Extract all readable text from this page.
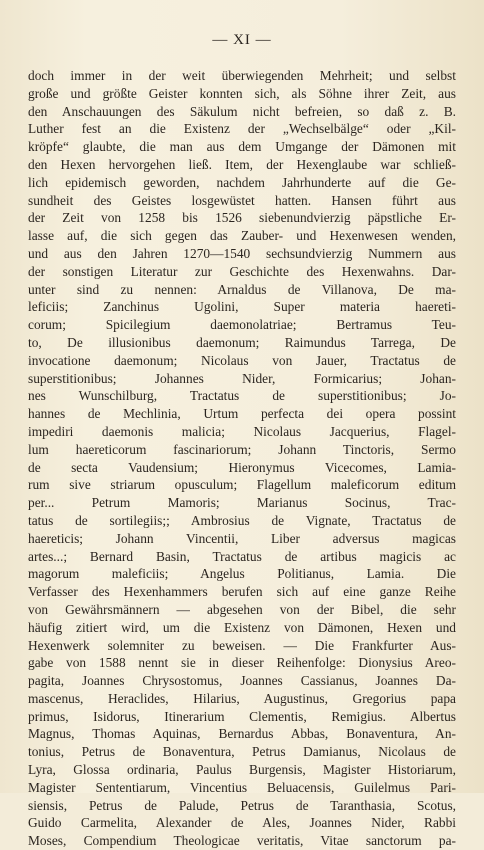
— XI —
doch immer in der weit überwiegenden Mehrheit; und selbst
große und größte Geister konnten sich, als Söhne ihrer Zeit, aus
den Anschauungen des Säkulum nicht befreien, so daß z. B.
Luther fest an die Existenz der „Wechselbälge“ oder „Kil-
kröpfe“ glaubte, die man aus dem Umgange der Dämonen mit
den Hexen hervorgehen ließ. Item, der Hexenglaube war schließ-
lich epidemisch geworden, nachdem Jahrhunderte auf die Ge-
sundheit des Geistes losgewüstet hatten. Hansen führt aus
der Zeit von 1258 bis 1526 siebenundvierzig päpstliche Er-
lasse auf, die sich gegen das Zauber- und Hexenwesen wenden,
und aus den Jahren 1270—1540 sechsundvierzig Nummern aus
der sonstigen Literatur zur Geschichte des Hexenwahns. Dar-
unter sind zu nennen: Arnaldus de Villanova, De ma-
leficiis; Zanchinus Ugolini, Super materia haereti-
corum; Spicilegium daemonolatriae; Bertramus Teu-
to, De illusionibus daemonum; Raimundus Tarrega, De
invocatione daemonum; Nicolaus von Jauer, Tractatus de
superstitionibus; Johannes Nider, Formicarius; Johan-
nes Wunschilburg, Tractatus de superstitionibus; Jo-
hannes de Mechlinia, Urtum perfecta dei opera possint
impediri daemonis malicia; Nicolaus Jacquerius, Flagel-
lum haereticorum fascinariorum; Johann Tinctoris, Sermo
de secta Vaudensium; Hieronymus Vicecomes, Lamia-
rum sive striarum opusculum; Flagellum maleficorum editum
per... Petrum Mamoris; Marianus Socinus, Trac-
tatus de sortilegiis;; Ambrosius de Vignate, Tractatus de
haereticis; Johann Vincentii, Liber adversus magicas
artes...; Bernard Basin, Tractatus de artibus magicis ac
magorum maleficiis; Angelus Politianus, Lamia. Die
Verfasser des Hexenhammers berufen sich auf eine ganze Reihe
von Gewährsmännern — abgesehen von der Bibel, die sehr
häufig zitiert wird, um die Existenz von Dämonen, Hexen und
Hexenwerk solemniter zu beweisen. — Die Frankfurter Aus-
gabe von 1588 nennt sie in dieser Reihenfolge: Dionysius Areo-
pagita, Joannes Chrysostomus, Joannes Cassianus, Joannes Da-
mascenus, Heraclides, Hilarius, Augustinus, Gregorius papa
primus, Isidorus, Itinerarium Clementis, Remigius. Albertus
Magnus, Thomas Aquinas, Bernardus Abbas, Bonaventura, An-
tonius, Petrus de Bonaventura, Petrus Damianus, Nicolaus de
Lyra, Glossa ordinaria, Paulus Burgensis, Magister Historiarum,
Magister Sententiarum, Vincentius Beluacensis, Guilelmus Pari-
siensis, Petrus de Palude, Petrus de Taranthasia, Scotus,
Guido Carmelita, Alexander de Ales, Joannes Nider, Rabbi
Moses, Compendium Theologicae veritatis, Vitae sanctorum pa-
